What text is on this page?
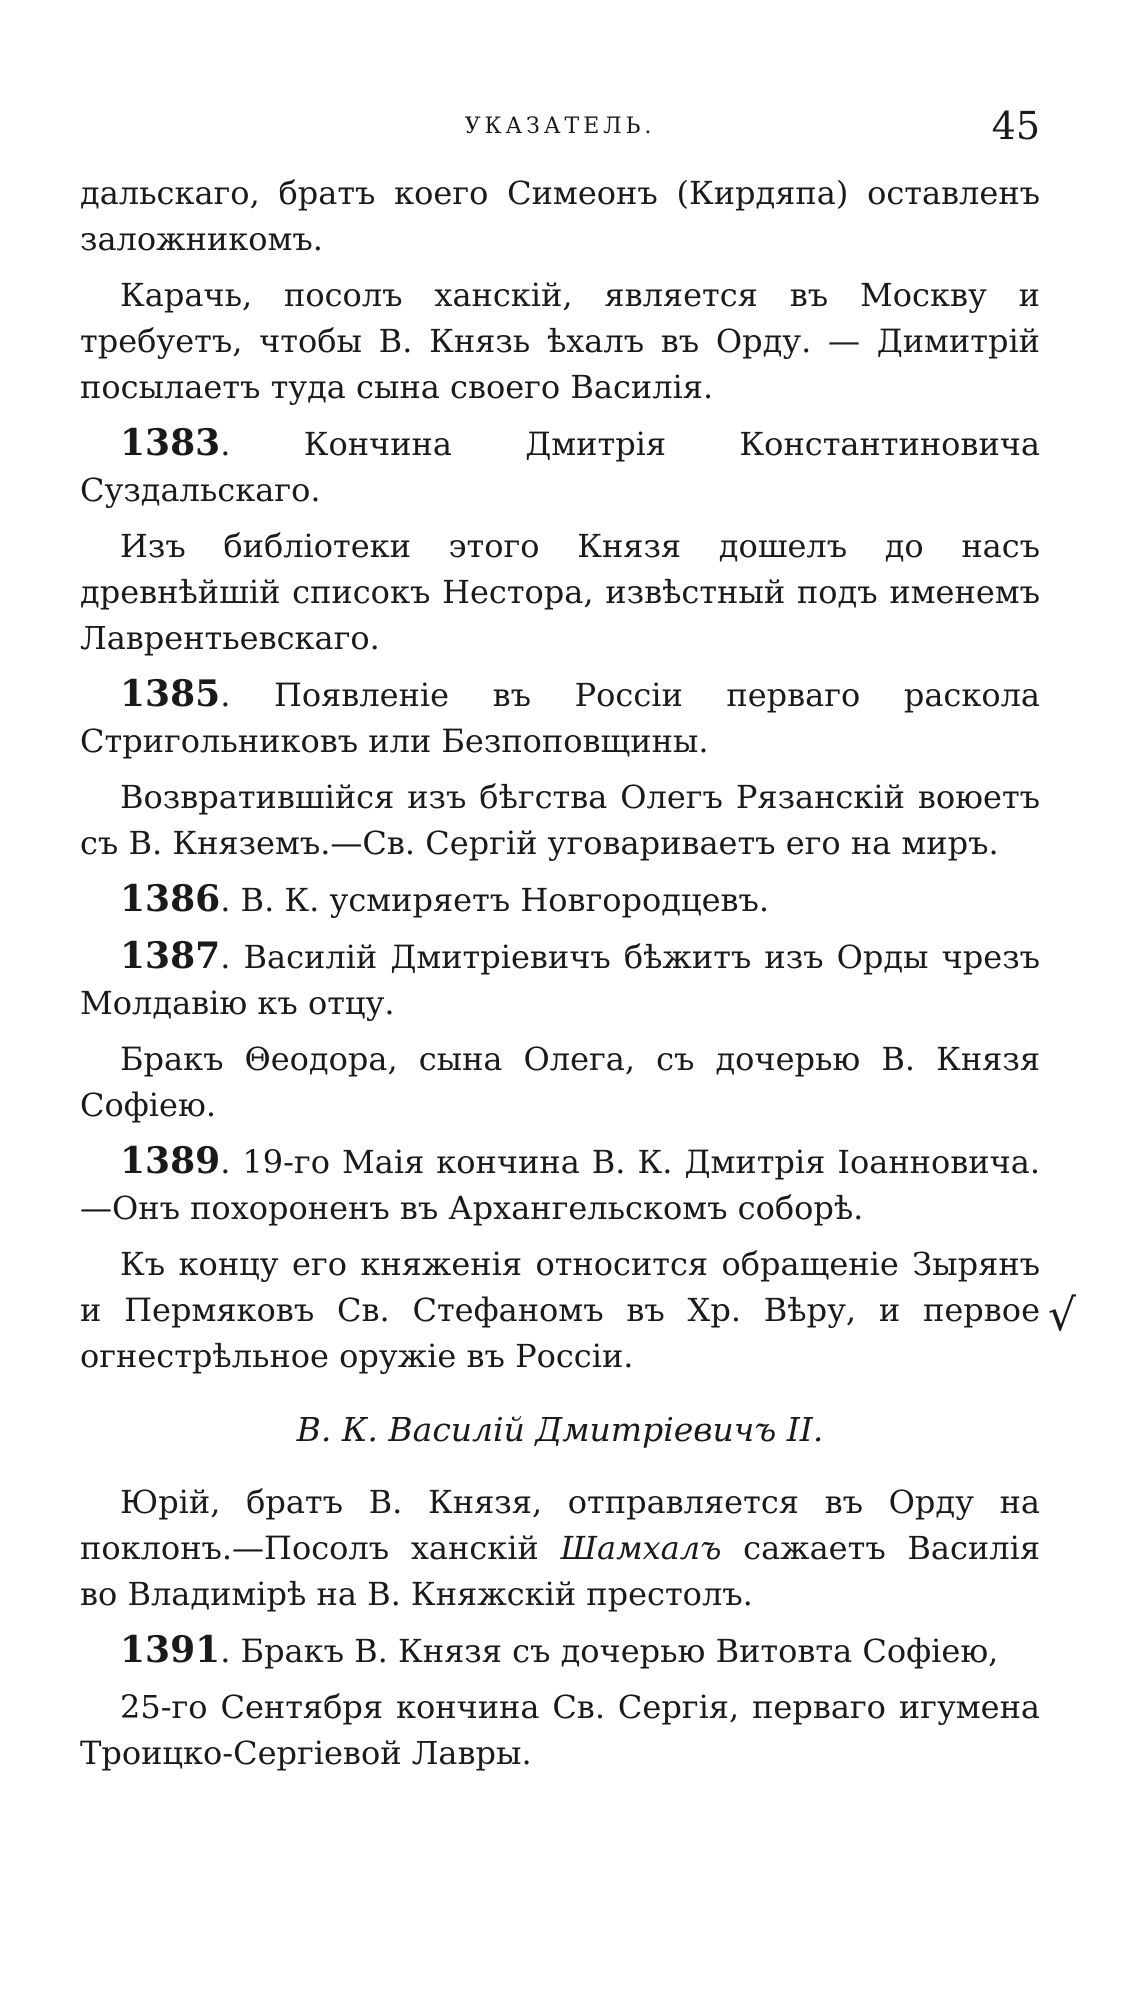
УКАЗАТЕЛЬ.	45

дальскаго, братъ коего Симеонъ (Кирдяпа) оставленъ заложникомъ.

Карачь, посолъ ханскій, является въ Москву и требуетъ, чтобы В. Князь ѣхалъ въ Орду. — Димитрій посылаетъ туда сына своего Василія.

1383. Кончина Дмитрія Константиновича Суздальскаго.

Изъ библіотеки этого Князя дошелъ до насъ древнѣйшій списокъ Нестора, извѣстный подъ именемъ Лаврентьевскаго.

1385. Появленіе въ Россіи перваго раскола Стригольниковъ или Безпоповщины.

Возвратившійся изъ бѣгства Олегъ Рязанскій воюетъ съ В. Княземъ.—Св. Сергій уговариваетъ его на миръ.

1386. В. К. усмиряетъ Новгородцевъ.

1387. Василій Дмитріевичъ бѣжитъ изъ Орды чрезъ Молдавію къ отцу.

Бракъ Θеодора, сына Олега, съ дочерью В. Князя Софіею.

1389. 19-го Маія кончина В. К. Дмитрія Іоанновича.—Онъ похороненъ въ Архангельскомъ соборѣ.

Къ концу его княженія относится обращеніе Зырянъ и Пермяковъ Св. Стефаномъ въ Хр. Вѣру, и первое огнестрѣльное оружіе въ Россіи.

В. К. Василій Дмитріевичъ II.

Юрій, братъ В. Князя, отправляется въ Орду на поклонъ.—Посолъ ханскій Шамхалъ сажаетъ Василія во Владимірѣ на В. Княжскій престолъ.

1391. Бракъ В. Князя съ дочерью Витовта Софіею,

25-го Сентября кончина Св. Сергія, перваго игумена Троицко-Сергіевой Лавры.

√
